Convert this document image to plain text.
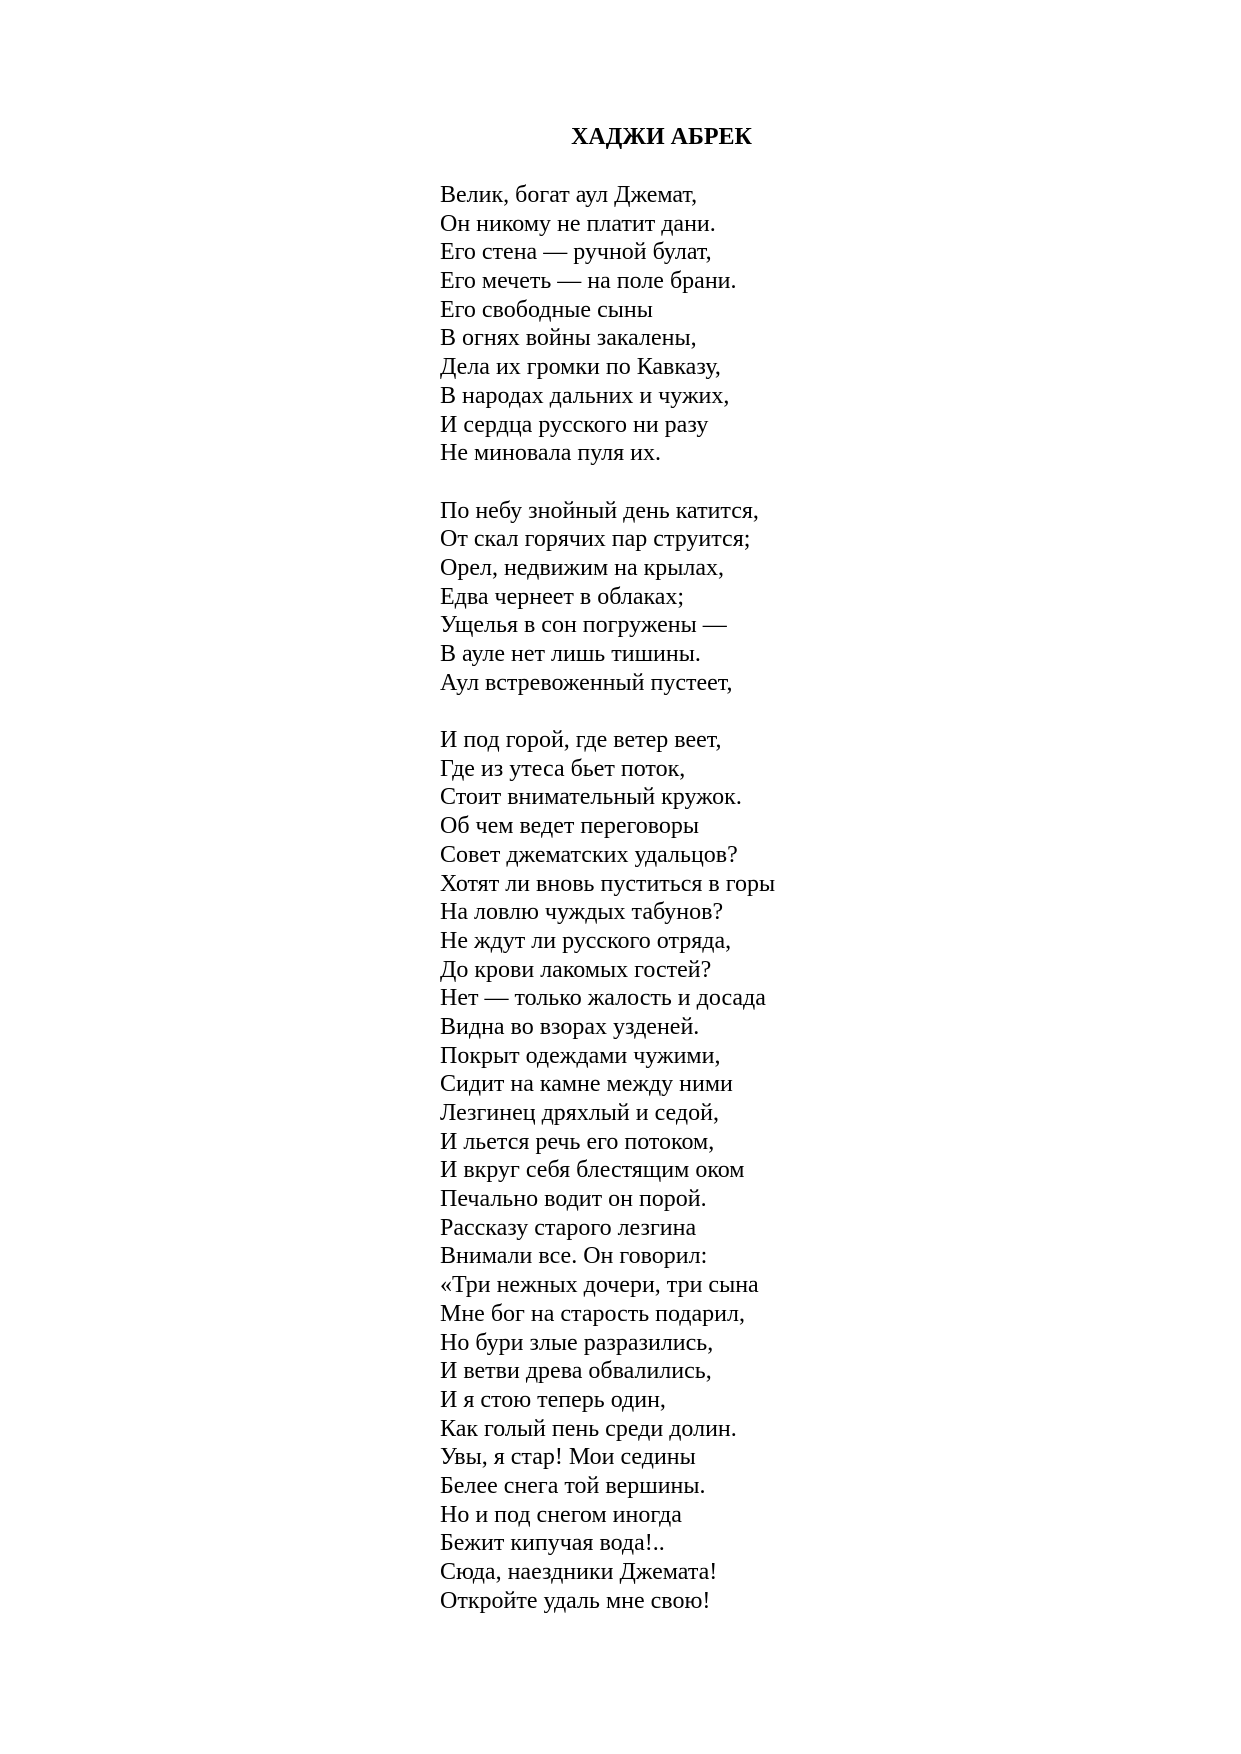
ХАДЖИ АБРЕК
Велик, богат аул Джемат,
Он никому не платит дани.
Его стена — ручной булат,
Его мечеть — на поле брани.
Его свободные сыны
В огнях войны закалены,
Дела их громки по Кавказу,
В народах дальних и чужих,
И сердца русского ни разу
Не миновала пуля их.
По небу знойный день катится,
От скал горячих пар струится;
Орел, недвижим на крылах,
Едва чернеет в облаках;
Ущелья в сон погружены —
В ауле нет лишь тишины.
Аул встревоженный пустеет,
И под горой, где ветер веет,
Где из утеса бьет поток,
Стоит внимательный кружок.
Об чем ведет переговоры
Совет джематских удальцов?
Хотят ли вновь пуститься в горы
На ловлю чуждых табунов?
Не ждут ли русского отряда,
До крови лакомых гостей?
Нет — только жалость и досада
Видна во взорах узденей.
Покрыт одеждами чужими,
Сидит на камне между ними
Лезгинец дряхлый и седой,
И льется речь его потоком,
И вкруг себя блестящим оком
Печально водит он порой.
Рассказу старого лезгина
Внимали все. Он говорил:
«Три нежных дочери, три сына
Мне бог на старость подарил,
Но бури злые разразились,
И ветви древа обвалились,
И я стою теперь один,
Как голый пень среди долин.
Увы, я стар! Мои седины
Белее снега той вершины.
Но и под снегом иногда
Бежит кипучая вода!..
Сюда, наездники Джемата!
Откройте удаль мне свою!
